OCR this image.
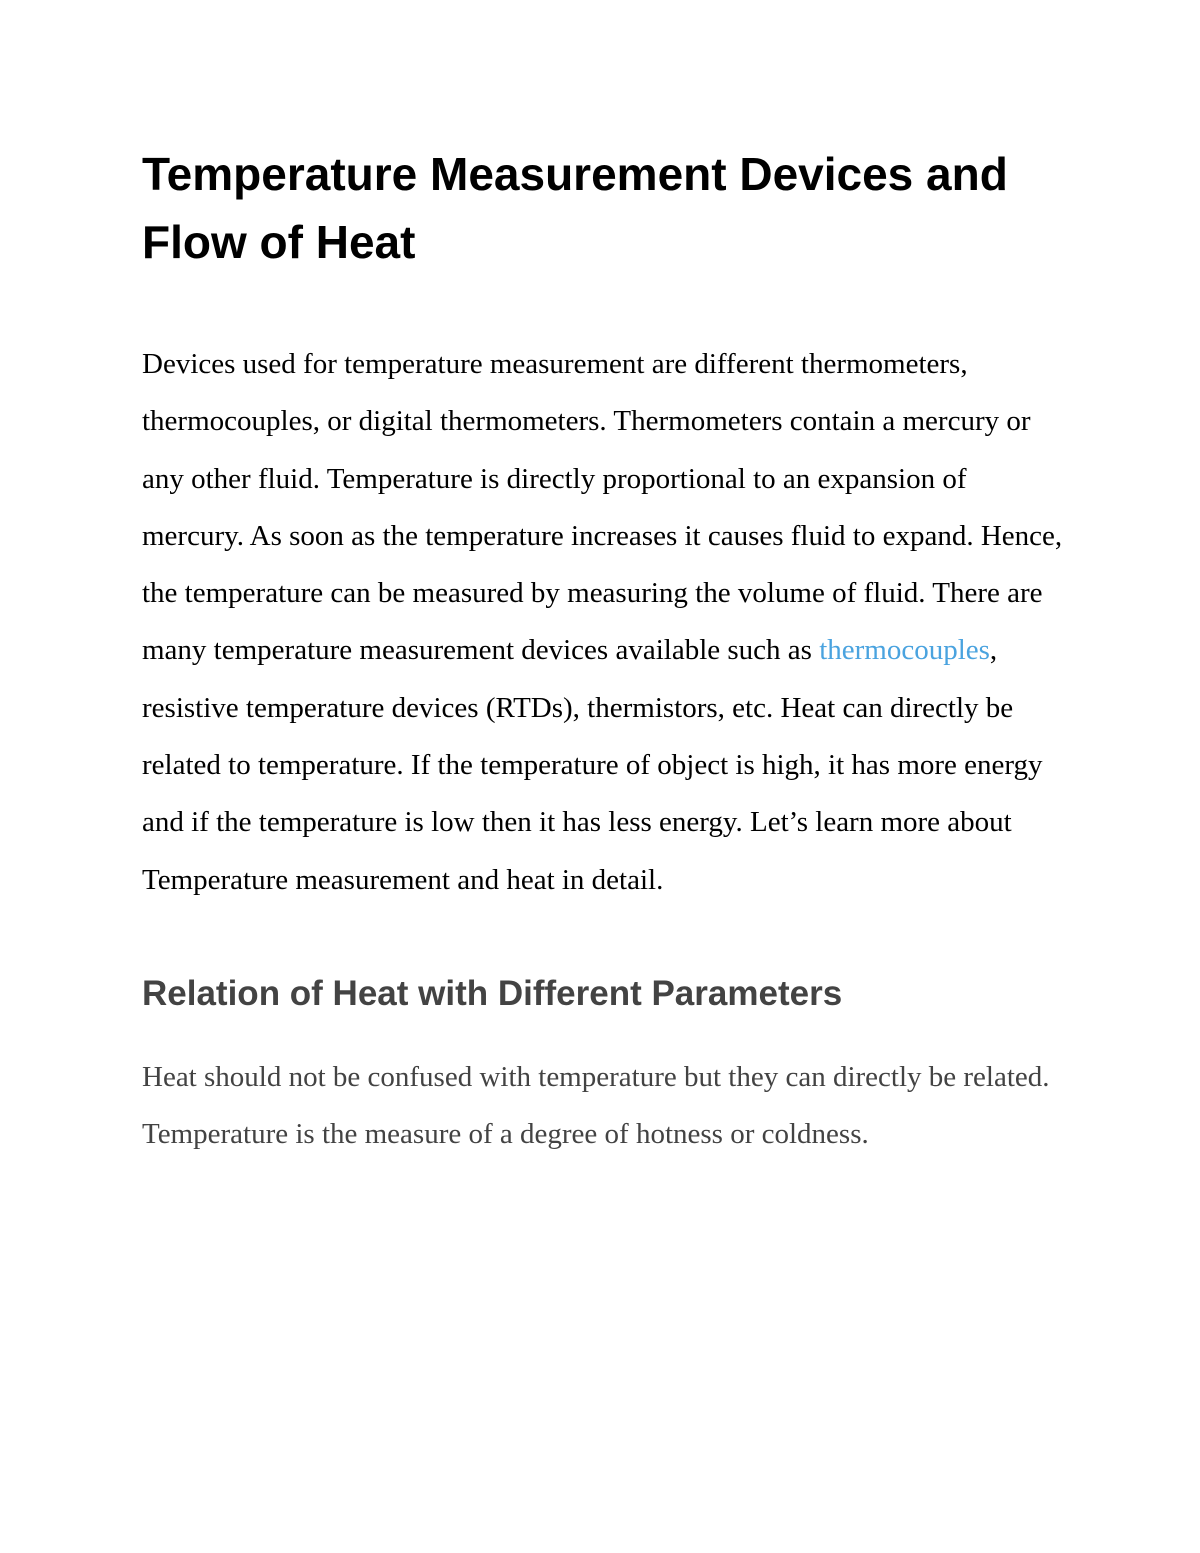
Temperature Measurement Devices and Flow of Heat

Devices used for temperature measurement are different thermometers, thermocouples, or digital thermometers. Thermometers contain a mercury or any other fluid. Temperature is directly proportional to an expansion of mercury. As soon as the temperature increases it causes fluid to expand. Hence, the temperature can be measured by measuring the volume of fluid. There are many temperature measurement devices available such as thermocouples, resistive temperature devices (RTDs), thermistors, etc. Heat can directly be related to temperature. If the temperature of object is high, it has more energy and if the temperature is low then it has less energy. Let’s learn more about Temperature measurement and heat in detail.

Relation of Heat with Different Parameters

Heat should not be confused with temperature but they can directly be related. Temperature is the measure of a degree of hotness or coldness.
